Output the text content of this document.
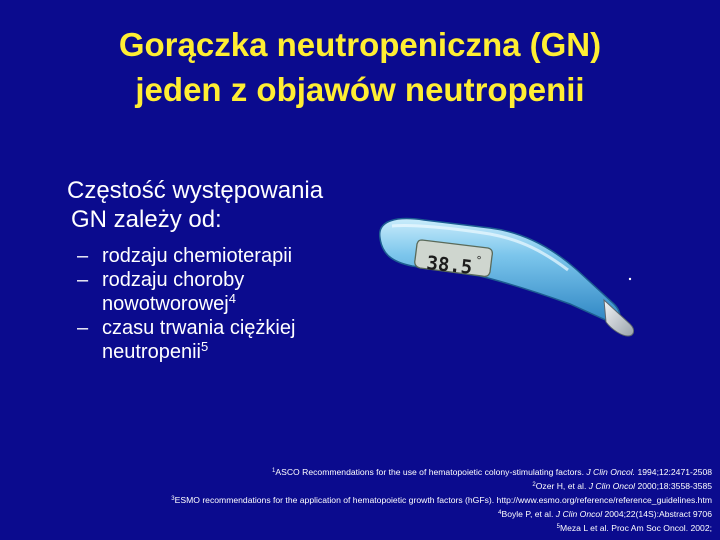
Gorączka neutropeniczna (GN)
jeden z objawów neutropenii
Częstość występowania
GN zależy od:
– rodzaju chemioterapii
– rodzaju choroby
nowotworowej$^4$
– czasu trwania ciężkiej
neutropenii$^5$
38.5 °
$^1$ASCO Recommendations for the use of hematopoietic colony-stimulating factors. J Clin Oncol. 1994;12:2471-2508
$^2$Ozer H, et al. J Clin Oncol 2000;18:3558-3585
$^3$ESMO recommendations for the application of hematopoietic growth factors (hGFs). http://www.esmo.org/reference/reference_guidelines.htm
$^4$Boyle P, et al. J Clin Oncol 2004;22(14S):Abstract 9706
$^5$Meza L et al. Proc Am Soc Oncol. 2002;
